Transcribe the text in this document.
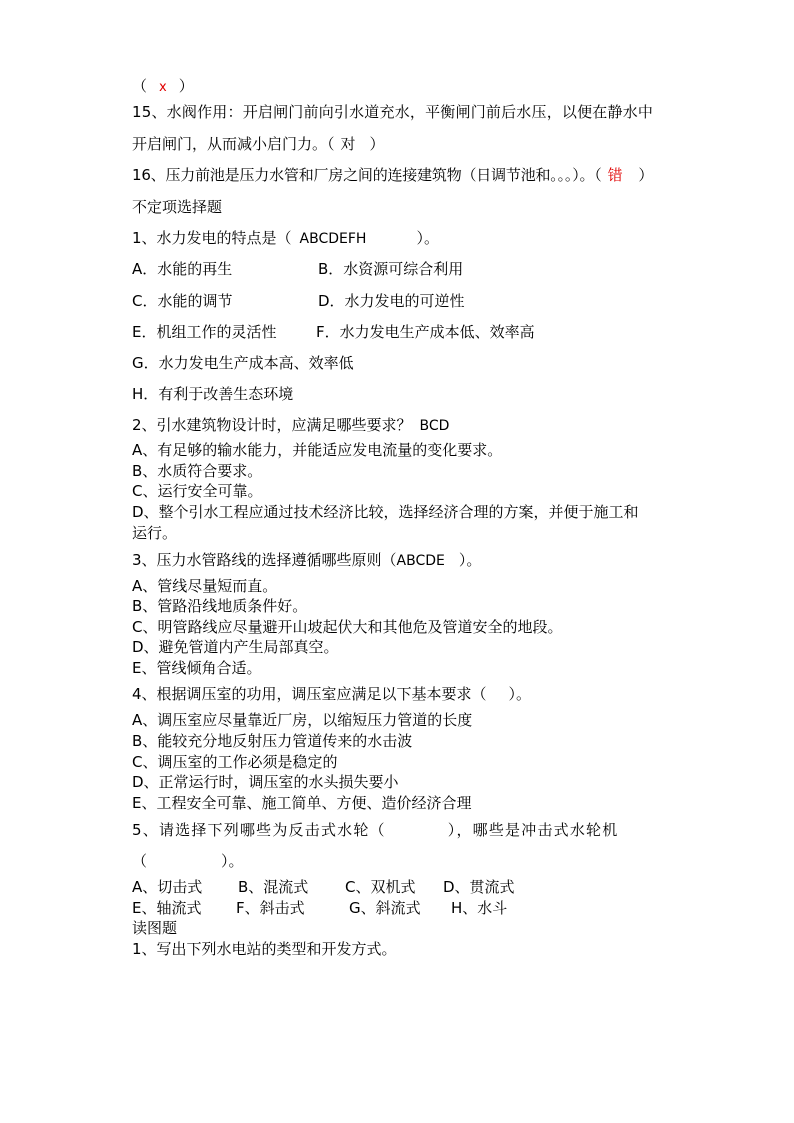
（ x ）
15、水阀作用：开启闸门前向引水道充水，平衡闸门前后水压，以便在静水中
开启闸门，从而减小启门力。（ 对 ）
16、压力前池是压力水管和厂房之间的连接建筑物（日调节池和。。。）。（ 错 ）
不定项选择题
1、水力发电的特点是（ ABCDEFH	）。
A．水能的再生	B．水资源可综合利用
C．水能的调节	D．水力发电的可逆性
E．机组工作的灵活性	F．水力发电生产成本低、效率高
G．水力发电生产成本高、效率低
H．有利于改善生态环境
2、引水建筑物设计时，应满足哪些要求？ BCD
A、有足够的输水能力，并能适应发电流量的变化要求。
B、水质符合要求。
C、运行安全可靠。
D、整个引水工程应通过技术经济比较，选择经济合理的方案，并便于施工和
运行。
3、压力水管路线的选择遵循哪些原则（ABCDE ）。
A、管线尽量短而直。
B、管路沿线地质条件好。
C、明管路线应尽量避开山坡起伏大和其他危及管道安全的地段。
D、避免管道内产生局部真空。
E、管线倾角合适。
4、根据调压室的功用，调压室应满足以下基本要求（ ）。
A、调压室应尽量靠近厂房，以缩短压力管道的长度
B、能较充分地反射压力管道传来的水击波
C、调压室的工作必须是稳定的
D、正常运行时，调压室的水头损失要小
E、工程安全可靠、施工简单、方便、造价经济合理
5、请选择下列哪些为反击式水轮（	），哪些是冲击式水轮机
（	）。
A、切击式 B、混流式 C、双机式 D、贯流式
E、轴流式 F、斜击式	G、斜流式 H、水斗
读图题
1、写出下列水电站的类型和开发方式。
